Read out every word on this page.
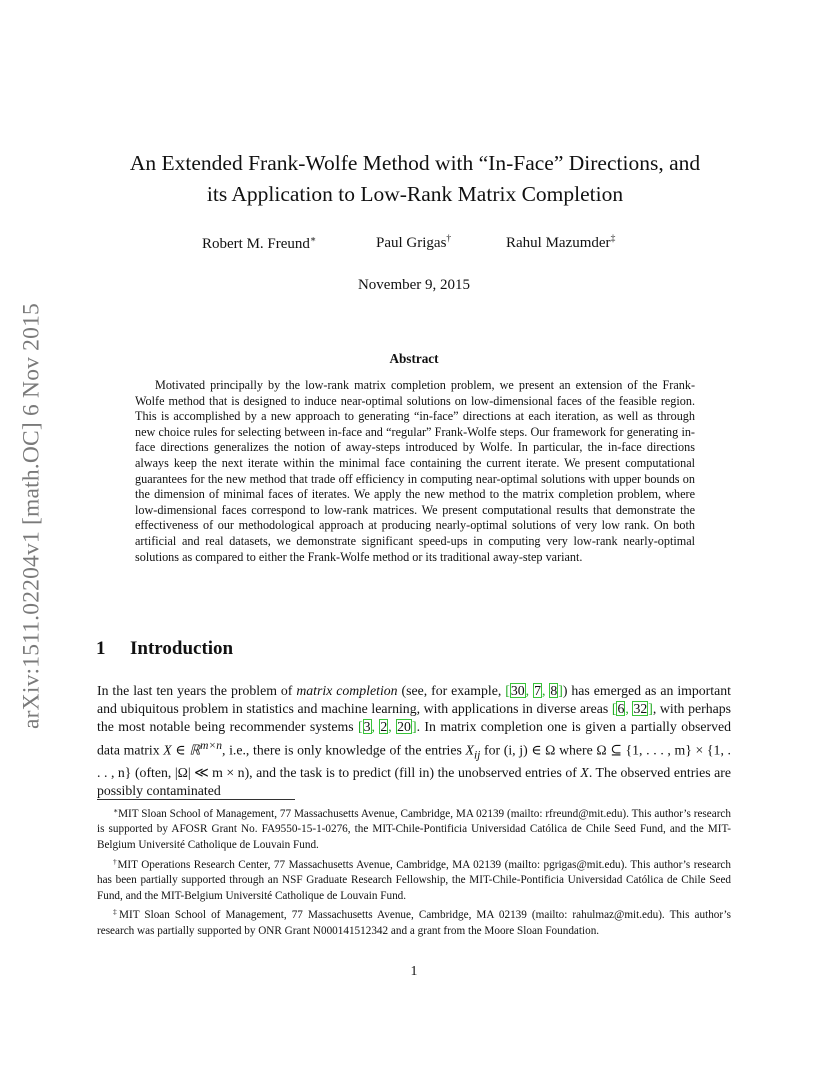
arXiv:1511.02204v1 [math.OC] 6 Nov 2015
An Extended Frank-Wolfe Method with “In-Face” Directions, and
its Application to Low-Rank Matrix Completion
Robert M. Freund∗	Paul Grigas†	Rahul Mazumder‡
November 9, 2015
Abstract

Motivated principally by the low-rank matrix completion problem, we present an extension of the Frank-Wolfe method that is designed to induce near-optimal solutions on low-dimensional faces of the feasible region. This is accomplished by a new approach to generating “in-face” directions at each iteration, as well as through new choice rules for selecting between in-face and “regular” Frank-Wolfe steps. Our framework for generating in-face directions generalizes the notion of away-steps introduced by Wolfe. In particular, the in-face directions always keep the next iterate within the minimal face containing the current iterate. We present computational guarantees for the new method that trade off efficiency in computing near-optimal solutions with upper bounds on the dimension of minimal faces of iterates. We apply the new method to the matrix completion problem, where low-dimensional faces correspond to low-rank matrices. We present computational results that demonstrate the effectiveness of our methodological approach at producing nearly-optimal solutions of very low rank. On both artificial and real datasets, we demonstrate significant speed-ups in computing very low-rank nearly-optimal solutions as compared to either the Frank-Wolfe method or its traditional away-step variant.

1 Introduction

In the last ten years the problem of matrix completion (see, for example, [30, 7, 8]) has emerged as an important and ubiquitous problem in statistics and machine learning, with applications in diverse areas [6, 32], with perhaps the most notable being recommender systems [3, 2, 20]. In matrix completion one is given a partially observed data matrix X ∈ ℝ$^{m\times n}$, i.e., there is only knowledge of the entries $X_{ij}$ for (i, j) ∈ Ω where Ω ⊆ {1, . . . , m} × {1, . . . , n} (often, |Ω| ≪ m × n), and the task is to predict (fill in) the unobserved entries of X. The observed entries are possibly contaminated

∗MIT Sloan School of Management, 77 Massachusetts Avenue, Cambridge, MA 02139 (mailto: rfreund@mit.edu). This author’s research is supported by AFOSR Grant No. FA9550-15-1-0276, the MIT-Chile-Pontificia Universidad Católica de Chile Seed Fund, and the MIT-Belgium Université Catholique de Louvain Fund.

†MIT Operations Research Center, 77 Massachusetts Avenue, Cambridge, MA 02139 (mailto: pgrigas@mit.edu). This author’s research has been partially supported through an NSF Graduate Research Fellowship, the MIT-Chile-Pontificia Universidad Católica de Chile Seed Fund, and the MIT-Belgium Université Catholique de Louvain Fund.

‡MIT Sloan School of Management, 77 Massachusetts Avenue, Cambridge, MA 02139 (mailto: rahulmaz@mit.edu). This author’s research was partially supported by ONR Grant N000141512342 and a grant from the Moore Sloan Foundation.

1
